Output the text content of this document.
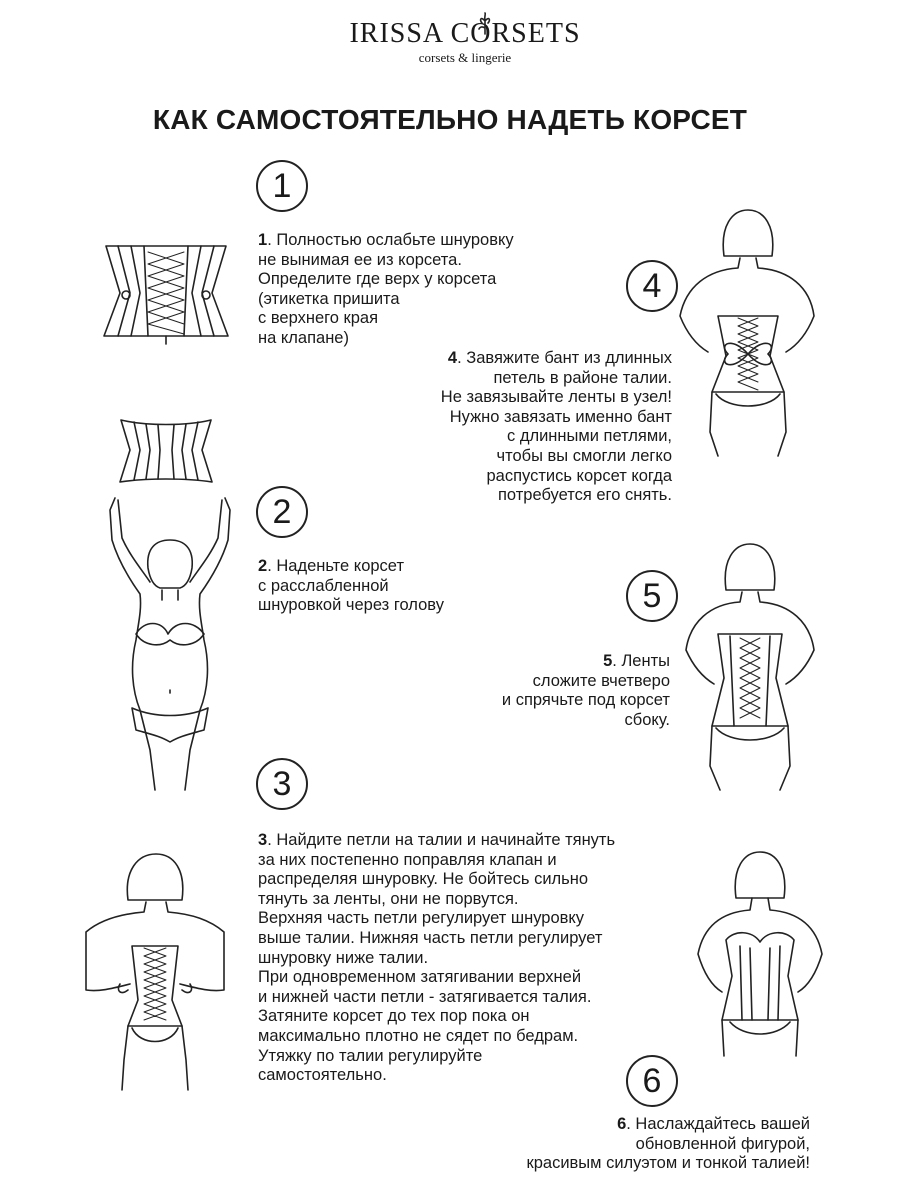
IRISSA CORSETS
corsets & lingerie
КАК САМОСТОЯТЕЛЬНО НАДЕТЬ КОРСЕТ
1
2
3
4
5
6
1. Полностью ослабьте шнуровку
не вынимая ее из корсета.
Определите где верх у корсета
(этикетка пришита
с верхнего края
на клапане)
2. Наденьте корсет
с расслабленной
шнуровкой через голову
3. Найдите петли на талии и начинайте тянуть
за них постепенно поправляя клапан и
распределяя шнуровку. Не бойтесь сильно
тянуть за ленты, они не порвутся.
Верхняя часть петли регулирует шнуровку
выше талии. Нижняя часть петли регулирует
шнуровку ниже талии.
При одновременном затягивании верхней
и нижней части петли - затягивается талия.
Затяните корсет до тех пор пока он
максимально плотно не сядет по бедрам.
Утяжку по талии регулируйте
самостоятельно.
4. Завяжите бант из длинных
петель в районе талии.
Не завязывайте ленты в узел!
Нужно завязать именно бант
с длинными петлями,
чтобы вы смогли легко
распустись корсет когда
потребуется его снять.
5. Ленты
сложите вчетверо
и спрячьте под корсет
сбоку.
6. Наслаждайтесь вашей
обновленной фигурой,
красивым силуэтом и тонкой талией!
